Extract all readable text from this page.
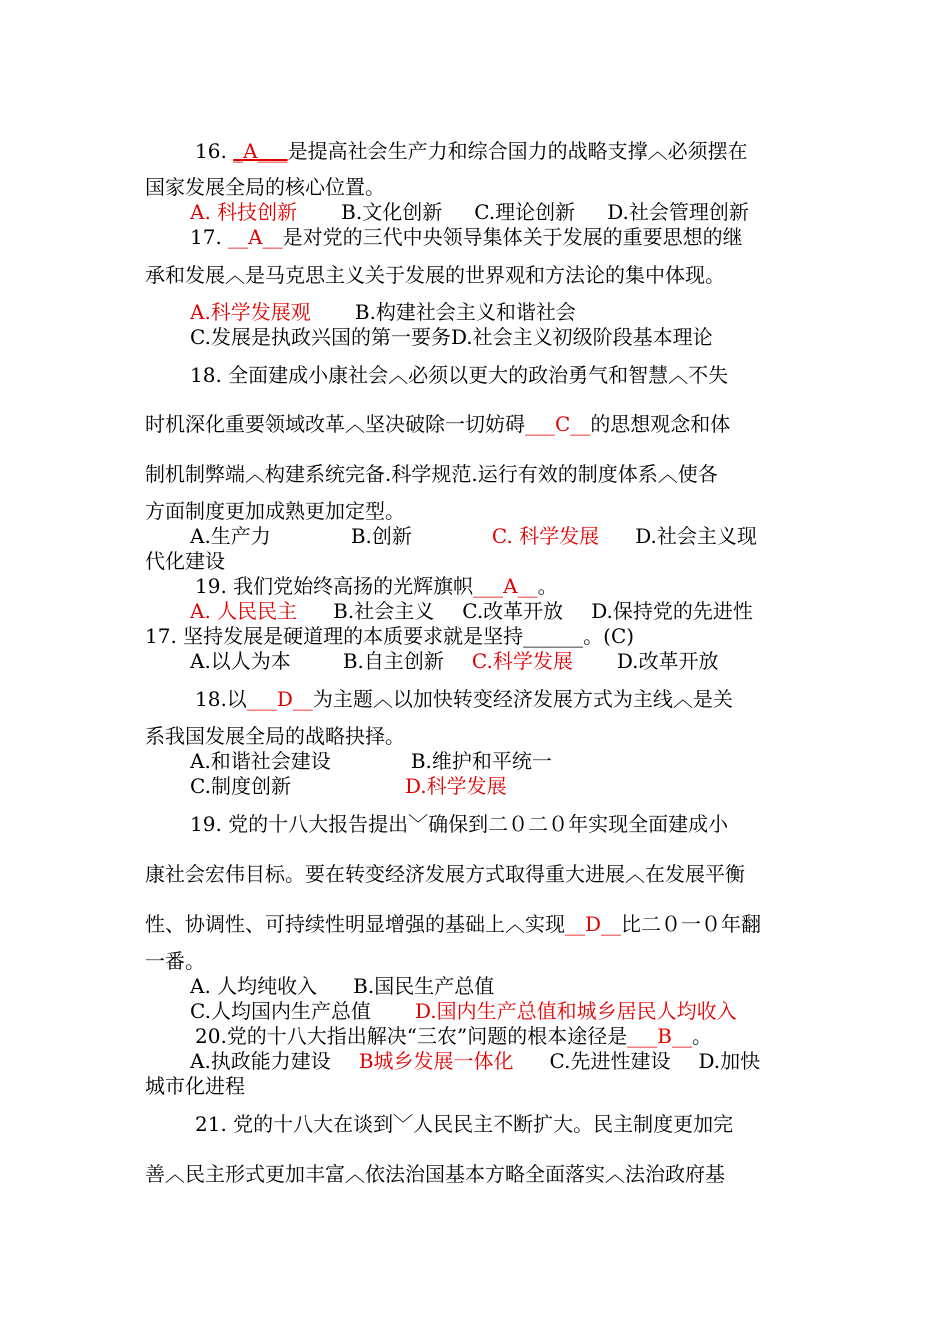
16. _A___是提高社会生产力和综合国力的战略支撑︿必须摆在
国家发展全局的核心位置。
A. 科技创新 B.文化创新 C.理论创新 D.社会管理创新
17. __A__是对党的三代中央领导集体关于发展的重要思想的继
承和发展︿是马克思主义关于发展的世界观和方法论的集中体现。
A.科学发展观 B.构建社会主义和谐社会
C.发展是执政兴国的第一要务D.社会主义初级阶段基本理论
18. 全面建成小康社会︿必须以更大的政治勇气和智慧︿不失
时机深化重要领域改革︿坚决破除一切妨碍___C__的思想观念和体
制机制弊端︿构建系统完备.科学规范.运行有效的制度体系︿使各
方面制度更加成熟更加定型。
A.生产力	B.创新	C. 科学发展 D.社会主义现
代化建设
19. 我们党始终高扬的光辉旗帜___A__。
A. 人民民主 B.社会主义 C.改革开放 D.保持党的先进性
17. 坚持发展是硬道理的本质要求就是坚持______。(C)
A.以人为本	B.自主创新 C.科学发展 D.改革开放
18.以___D__为主题︿以加快转变经济发展方式为主线︿是关
系我国发展全局的战略抉择。
A.和谐社会建设	B.维护和平统一
C.制度创新	D.科学发展
19. 党的十八大报告提出﹀确保到二０二０年实现全面建成小
康社会宏伟目标。要在转变经济发展方式取得重大进展︿在发展平衡
性、协调性、可持续性明显增强的基础上︿实现__D__比二０一０年翻
一番。
A. 人均纯收入 B.国民生产总值
C.人均国内生产总值 D.国内生产总值和城乡居民人均收入
20.党的十八大指出解决“三农”问题的根本途径是___B__。
A.执政能力建设 B城乡发展一体化 C.先进性建设 D.加快
城市化进程
21. 党的十八大在谈到﹀人民民主不断扩大。民主制度更加完
善︿民主形式更加丰富︿依法治国基本方略全面落实︿法治政府基
